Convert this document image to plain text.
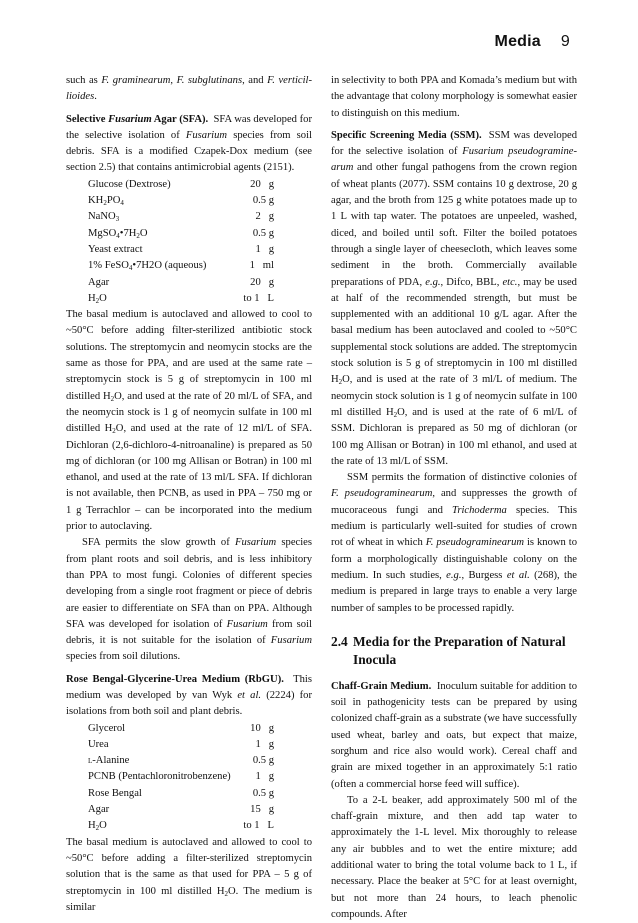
Media 9

such as F. graminearum, F. subglutinans, and F. verticil-lioides.

Selective Fusarium Agar (SFA).  SFA was developed for the selective isolation of Fusarium species from soil debris. SFA is a modified Czapek-Dox medium (see section 2.5) that contains antimicrobial agents (2151).

Glucose (Dextrose)	20   g
$KH_2PO_4$	0.5 g
NaNO$_3$	2   g
$MgSO_4•7H_2O$	0.5 g
Yeast extract	1   g
1% FeSO$_4$•7H2O (aqueous)	1   ml
Agar	20   g
$H_2O$	to 1   L

The basal medium is autoclaved and allowed to cool to ~50°C before adding filter-sterilized antibiotic stock solutions. The streptomycin and neomycin stocks are the same as those for PPA, and are used at the same rate – streptomycin stock is 5 g of streptomycin in 100 ml distilled $H_2O$, and used at the rate of 20 ml/L of SFA, and the neomycin stock is 1 g of neomycin sulfate in 100 ml distilled $H_2O$, and used at the rate of 12 ml/L of SFA. Dichloran (2,6-dichloro-4-nitroanaline) is prepared as 50 mg of dichloran (or 100 mg Allisan or Botran) in 100 ml ethanol, and used at the rate of 13 ml/L SFA. If dichloran is not available, then PCNB, as used in PPA – 750 mg or 1 g Terrachlor – can be incorporated into the medium prior to autoclaving.

SFA permits the slow growth of Fusarium species from plant roots and soil debris, and is less inhibitory than PPA to most fungi. Colonies of different species developing from a single root fragment or piece of debris are easier to differentiate on SFA than on PPA. Although SFA was developed for isolation of Fusarium from soil debris, it is not suitable for the isolation of Fusarium species from soil dilutions.

Rose Bengal-Glycerine-Urea Medium (RbGU).  This medium was developed by van Wyk et al. (2224) for isolations from both soil and plant debris.

Glycerol	10   g
Urea	1   g
l-Alanine	0.5 g
PCNB (Pentachloronitrobenzene) 1   g
Rose Bengal	0.5 g
Agar	15   g
$H_2O$	to 1   L

The basal medium is autoclaved and allowed to cool to ~50°C before adding a filter-sterilized streptomycin solution that is the same as that used for PPA – 5 g of streptomycin in 100 ml distilled $H_2O$. The medium is similar

in selectivity to both PPA and Komada’s medium but with the advantage that colony morphology is somewhat easier to distinguish on this medium.

Specific Screening Media (SSM).  SSM was developed for the selective isolation of Fusarium pseudogramine-arum and other fungal pathogens from the crown region of wheat plants (2077). SSM contains 10 g dextrose, 20 g agar, and the broth from 125 g white potatoes made up to 1 L with tap water. The potatoes are unpeeled, washed, diced, and boiled until soft. Filter the boiled potatoes through a single layer of cheesecloth, which leaves some sediment in the broth. Commercially available preparations of PDA, e.g., Difco, BBL, etc., may be used at half of the recommended strength, but must be supplemented with an additional 10 g/L agar. After the basal medium has been autoclaved and cooled to ~50°C supplemental stock solutions are added. The streptomycin stock solution is 5 g of streptomycin in 100 ml distilled $H_2O$, and is used at the rate of 3 ml/L of medium. The neomycin stock solution is 1 g of neomycin sulfate in 100 ml distilled $H_2O$, and is used at the rate of 6 ml/L of SSM. Dichloran is prepared as 50 mg of dichloran (or 100 mg Allisan or Botran) in 100 ml ethanol, and used at the rate of 13 ml/L of SSM.

SSM permits the formation of distinctive colonies of F. pseudograminearum, and suppresses the growth of mucoraceous fungi and Trichoderma species. This medium is particularly well-suited for studies of crown rot of wheat in which F. pseudograminearum is known to form a morphologically distinguishable colony on the medium. In such studies, e.g., Burgess et al. (268), the medium is prepared in large trays to enable a very large number of samples to be processed rapidly.

2.4 Media for the Preparation of Natural
Inocula

Chaff-Grain Medium.  Inoculum suitable for addition to soil in pathogenicity tests can be prepared by using colonized chaff-grain as a substrate (we have successfully used wheat, barley and oats, but expect that maize, sorghum and rice also would work). Cereal chaff and grain are mixed together in an approximately 5:1 ratio (often a commercial horse feed will suffice).

To a 2-L beaker, add approximately 500 ml of the chaff-grain mixture, and then add tap water to approximately the 1-L level. Mix thoroughly to release any air bubbles and to wet the entire mixture; add additional water to bring the total volume back to 1 L, if necessary. Place the beaker at 5°C for at least overnight, but not more than 24 hours, to leach phenolic compounds. After
